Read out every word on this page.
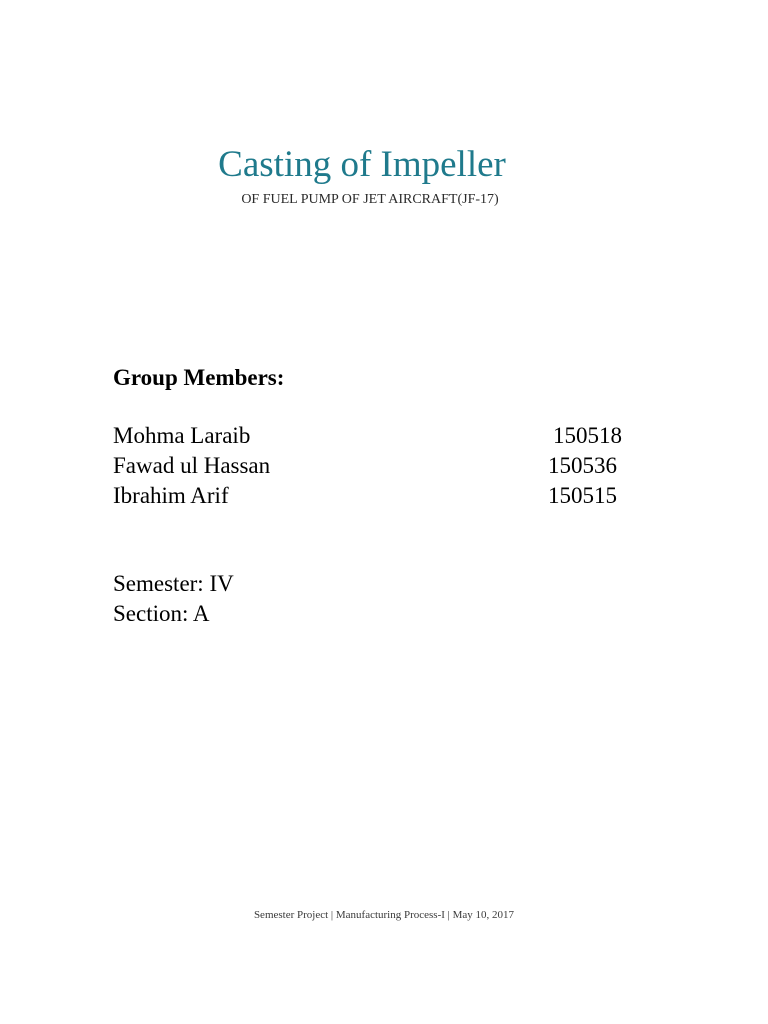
Casting of Impeller
OF FUEL PUMP OF JET AIRCRAFT(JF-17)
Group Members:
Mohma Laraib	150518
Fawad ul Hassan	150536
Ibrahim Arif	150515
Semester: IV
Section: A
Semester Project | Manufacturing Process-I | May 10, 2017
